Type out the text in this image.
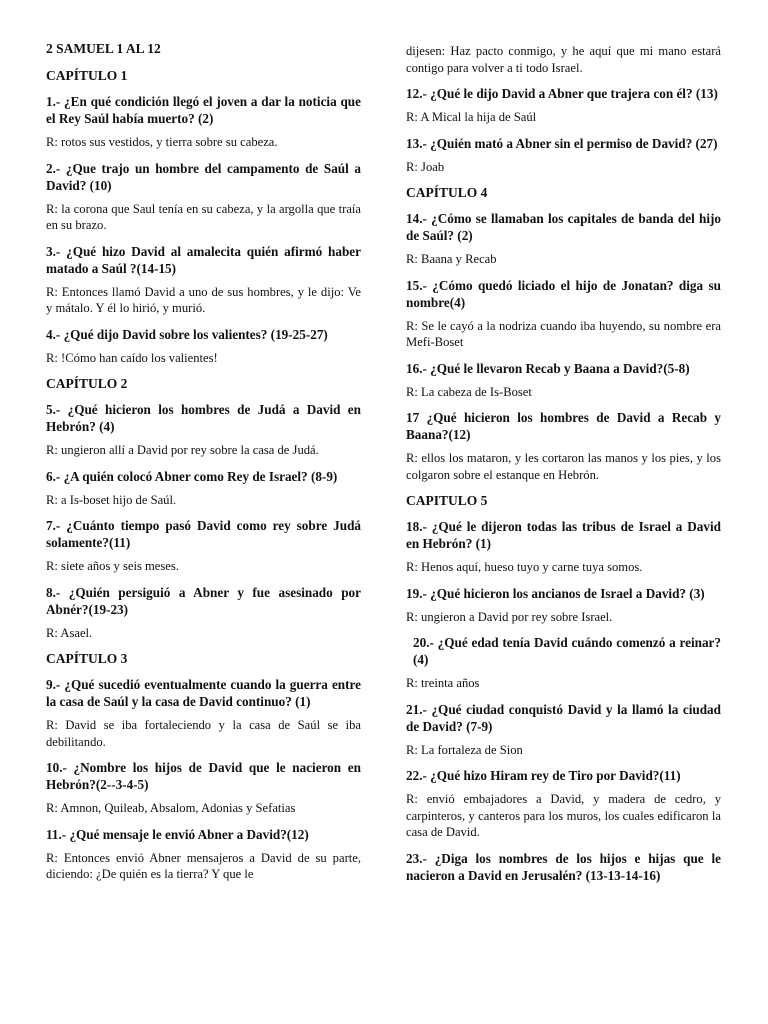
2 SAMUEL 1 AL 12

CAPÍTULO 1

1.- ¿En qué condición llegó el joven a dar la noticia que el Rey Saúl había muerto? (2)

R: rotos sus vestidos, y tierra sobre su cabeza.

2.- ¿Que trajo un hombre del campamento de Saúl a David? (10)

R: la corona que Saul tenía en su cabeza, y la argolla que traía en su brazo.

3.- ¿Qué hizo David al amalecita quién afirmó haber matado a Saúl ?(14-15)

R: Entonces llamó David a uno de sus hombres, y le dijo: Ve y mátalo. Y él lo hirió, y murió.

4.- ¿Qué dijo David sobre los valientes? (19-25-27)

R: !Cómo han caído los valientes!

CAPÍTULO 2

5.- ¿Qué hicieron los hombres de Judá a David en Hebrón? (4)

R: ungieron allí a David por rey sobre la casa de Judá.

6.- ¿A quién colocó Abner como Rey de Israel? (8-9)

R: a Is-boset hijo de Saúl.

7.- ¿Cuánto tiempo pasó David como rey sobre Judá solamente?(11)

R: siete años y seis meses.

8.- ¿Quién persiguió a Abner y fue asesinado por Abnér?(19-23)

R: Asael.

CAPÍTULO 3

9.- ¿Qué sucedió eventualmente cuando la guerra entre la casa de Saúl y la casa de David continuo? (1)

R: David se iba fortaleciendo y la casa de Saúl se iba debilitando.

10.- ¿Nombre los hijos de David que le nacieron en Hebrón?(2--3-4-5)

R: Amnon, Quileab, Absalom, Adonias y Sefatias

11.- ¿Qué mensaje le envió Abner a David?(12)

R: Entonces envió Abner mensajeros a David de su parte, diciendo: ¿De quién es la tierra? Y que le

dijesen: Haz pacto conmigo, y he aquí que mi mano estará contigo para volver a ti todo Israel.

12.- ¿Qué le dijo David a Abner que trajera con él? (13)

R: A Mical la hija de Saúl

13.- ¿Quién mató a Abner sin el permiso de David? (27)

R: Joab

CAPÍTULO 4

14.- ¿Cómo se llamaban los capitales de banda del hijo de Saúl? (2)

R: Baana y Recab

15.- ¿Cómo quedó liciado el hijo de Jonatan? diga su nombre(4)

R: Se le cayó a la nodriza cuando iba huyendo, su nombre era Mefi-Boset

16.- ¿Qué le llevaron Recab y Baana a David?(5-8)

R: La cabeza de Is-Boset

17 ¿Qué hicieron los hombres de David a Recab y Baana?(12)

R: ellos los mataron, y les cortaron las manos y los pies, y los colgaron sobre el estanque en Hebrón.

CAPITULO 5

18.- ¿Qué le dijeron todas las tribus de Israel a David en Hebrón? (1)

R: Henos aquí, hueso tuyo y carne tuya somos.

19.- ¿Qué hicieron los ancianos de Israel a David? (3)

R: ungieron a David por rey sobre Israel.

20.- ¿Qué edad tenía David cuándo comenzó a reinar? (4)

R: treinta años

21.- ¿Qué ciudad conquistó David y la llamó la ciudad de David? (7-9)

R: La fortaleza de Sion

22.- ¿Qué hizo Hiram rey de Tiro por David?(11)

R: envió embajadores a David, y madera de cedro, y carpinteros, y canteros para los muros, los cuales edificaron la casa de David.

23.- ¿Diga los nombres de los hijos e hijas que le nacieron a David en Jerusalén? (13-13-14-16)
